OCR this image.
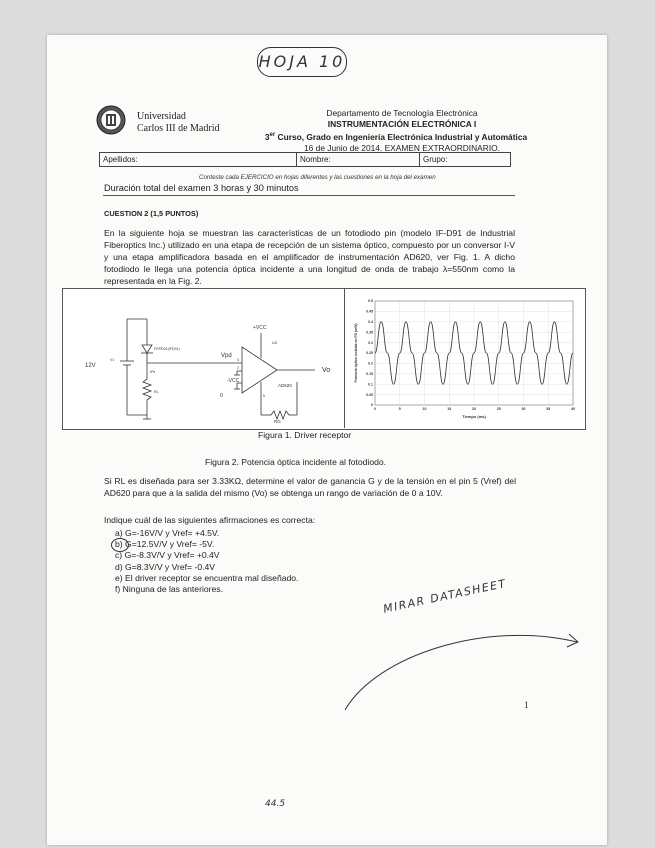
HOJA 10
Universidad
Carlos III de Madrid
Departamento de Tecnología Electrónica
INSTRUMENTACIÓN ELECTRÓNICA I
3er Curso, Grado en Ingeniería Electrónica Industrial y Automática
16 de Junio de 2014. EXAMEN EXTRAORDINARIO.
Apellidos:	Nombre:	Grupo:
Conteste cada EJERCICIO en hojas diferentes y las cuestiones en la hoja del examen
Duración total del examen 3 horas y 30 minutos
CUESTION 2 (1,5 PUNTOS)
En la siguiente hoja se muestran las características de un fotodiodo pin (modelo IF-D91 de Industrial Fiberoptics Inc.) utilizado en una etapa de recepción de un sistema óptico, compuesto por un conversor I-V y una etapa amplificadora basada en el amplificador de instrumentación AD620, ver Fig. 1. A dicho fotodiodo le llega una potencia óptica incidente a una longitud de onda de trabajo λ=550nm como la representada en la Fig. 2.
12V
V1
FEPD01(IFD91)
RL
IPd
Vpd
+VCC
-VCC
Vo
U2
AD620
RG
3
2
5
0
Potencia óptica recibida en PD (mW)
0.5
0.45
0.4
0.35
0.3
0.25
0.2
0.15
0.1
0.05
0
0	5	10	15	20	25	30	35	40
Tiempo (ms)
Figura 1. Driver receptor
Figura 2. Potencia óptica incidente al fotodiodo.
Si RL es diseñada para ser 3.33KΩ, determine el valor de ganancia G y de la tensión en el pin 5 (Vref) del AD620 para que a la salida del mismo (Vo) se obtenga un rango de variación de 0 a 10V.
Indique cuál de las siguientes afirmaciones es correcta:
a) G=-16V/V y Vref= +4.5V.
b) G=12.5V/V y Vref= -5V.
c) G=-8.3V/V y Vref= +0.4V
d) G=8.3V/V y Vref= -0.4V
e) El driver receptor se encuentra mal diseñado.
f) Ninguna de las anteriores.	MIRAR DATASHEET
1
44.5
